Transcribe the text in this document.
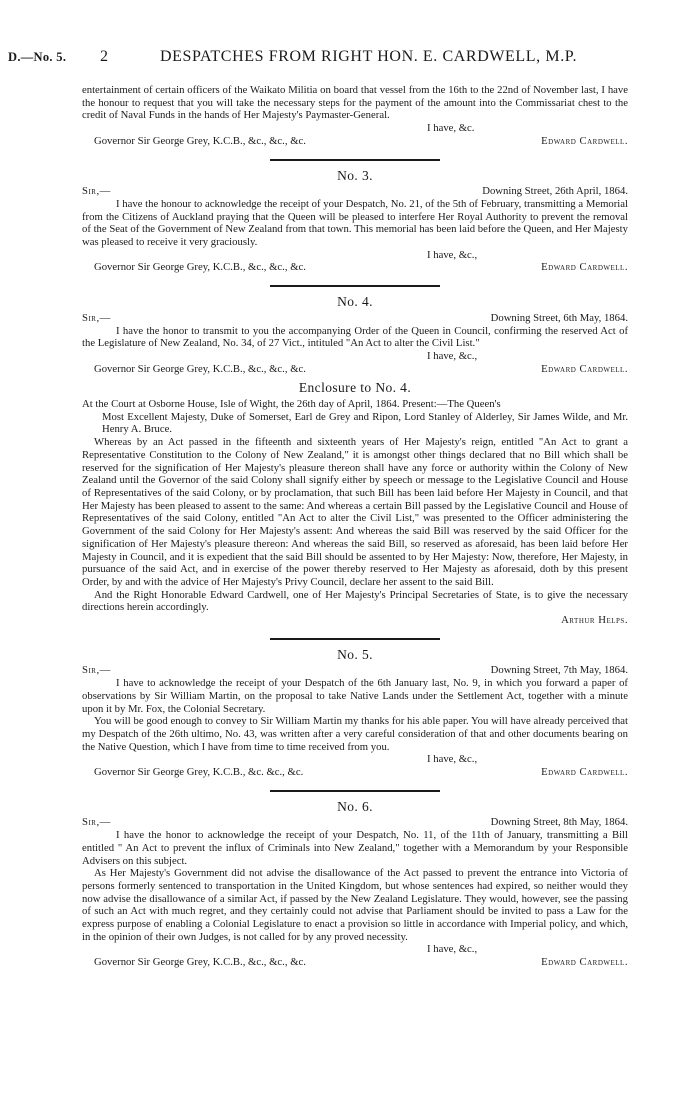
D.—No. 5. 2	DESPATCHES FROM RIGHT HON. E. CARDWELL, M.P.

entertainment of certain officers of the Waikato Militia on board that vessel from the 16th to the 22nd of November last, I have the honour to request that you will take the necessary steps for the payment of the amount into the Commissariat chest to the credit of Naval Funds in the hands of Her Majesty's Paymaster-General.

I have, &c.

Governor Sir George Grey, K.C.B., &c., &c., &c.	Edward Cardwell.
No. 3.
Sir,—	Downing Street, 26th April, 1864.

I have the honour to acknowledge the receipt of your Despatch, No. 21, of the 5th of February, transmitting a Memorial from the Citizens of Auckland praying that the Queen will be pleased to interfere Her Royal Authority to prevent the removal of the Seat of the Government of New Zealand from that town. This memorial has been laid before the Queen, and Her Majesty was pleased to receive it very graciously.

I have, &c.,

Governor Sir George Grey, K.C.B., &c., &c., &c.	Edward Cardwell.
No. 4.
Sir,—	Downing Street, 6th May, 1864.

I have the honor to transmit to you the accompanying Order of the Queen in Council, confirming the reserved Act of the Legislature of New Zealand, No. 34, of 27 Vict., intituled "An Act to alter the Civil List."

I have, &c.,

Governor Sir George Grey, K.C.B., &c., &c., &c.	Edward Cardwell.
Enclosure to No. 4.

At the Court at Osborne House, Isle of Wight, the 26th day of April, 1864. Present:—The Queen's

Most Excellent Majesty, Duke of Somerset, Earl de Grey and Ripon, Lord Stanley of Alderley, Sir James Wilde, and Mr. Henry A. Bruce.

Whereas by an Act passed in the fifteenth and sixteenth years of Her Majesty's reign, entitled "An Act to grant a Representative Constitution to the Colony of New Zealand," it is amongst other things declared that no Bill which shall be reserved for the signification of Her Majesty's pleasure thereon shall have any force or authority within the Colony of New Zealand until the Governor of the said Colony shall signify either by speech or message to the Legislative Council and House of Representatives of the said Colony, or by proclamation, that such Bill has been laid before Her Majesty in Council, and that Her Majesty has been pleased to assent to the same: And whereas a certain Bill passed by the Legislative Council and House of Representatives of the said Colony, entitled "An Act to alter the Civil List," was presented to the Officer administering the Government of the said Colony for Her Majesty's assent: And whereas the said Bill was reserved by the said Officer for the signification of Her Majesty's pleasure thereon: And whereas the said Bill, so reserved as aforesaid, has been laid before Her Majesty in Council, and it is expedient that the said Bill should be assented to by Her Majesty: Now, therefore, Her Majesty, in pursuance of the said Act, and in exercise of the power thereby reserved to Her Majesty as aforesaid, doth by this present Order, by and with the advice of Her Majesty's Privy Council, declare her assent to the said Bill.

And the Right Honorable Edward Cardwell, one of Her Majesty's Principal Secretaries of State, is to give the necessary directions herein accordingly.

Arthur Helps.

No. 5.
Sir,—	Downing Street, 7th May, 1864.

I have to acknowledge the receipt of your Despatch of the 6th January last, No. 9, in which you forward a paper of observations by Sir William Martin, on the proposal to take Native Lands under the Settlement Act, together with a minute upon it by Mr. Fox, the Colonial Secretary.

You will be good enough to convey to Sir William Martin my thanks for his able paper. You will have already perceived that my Despatch of the 26th ultimo, No. 43, was written after a very careful consideration of that and other documents bearing on the Native Question, which I have from time to time received from you.

I have, &c.,

Governor Sir George Grey, K.C.B., &c. &c., &c.	Edward Cardwell.
No. 6.
Sir,—	Downing Street, 8th May, 1864.

I have the honor to acknowledge the receipt of your Despatch, No. 11, of the 11th of January, transmitting a Bill entitled " An Act to prevent the influx of Criminals into New Zealand," together with a Memorandum by your Responsible Advisers on this subject.

As Her Majesty's Government did not advise the disallowance of the Act passed to prevent the entrance into Victoria of persons formerly sentenced to transportation in the United Kingdom, but whose sentences had expired, so neither would they now advise the disallowance of a similar Act, if passed by the New Zealand Legislature. They would, however, see the passing of such an Act with much regret, and they certainly could not advise that Parliament should be invited to pass a Law for the express purpose of enabling a Colonial Legislature to enact a provision so little in accordance with Imperial policy, and which, in the opinion of their own Judges, is not called for by any proved necessity.

I have, &c.,

Governor Sir George Grey, K.C.B., &c., &c., &c.	Edward Cardwell.
